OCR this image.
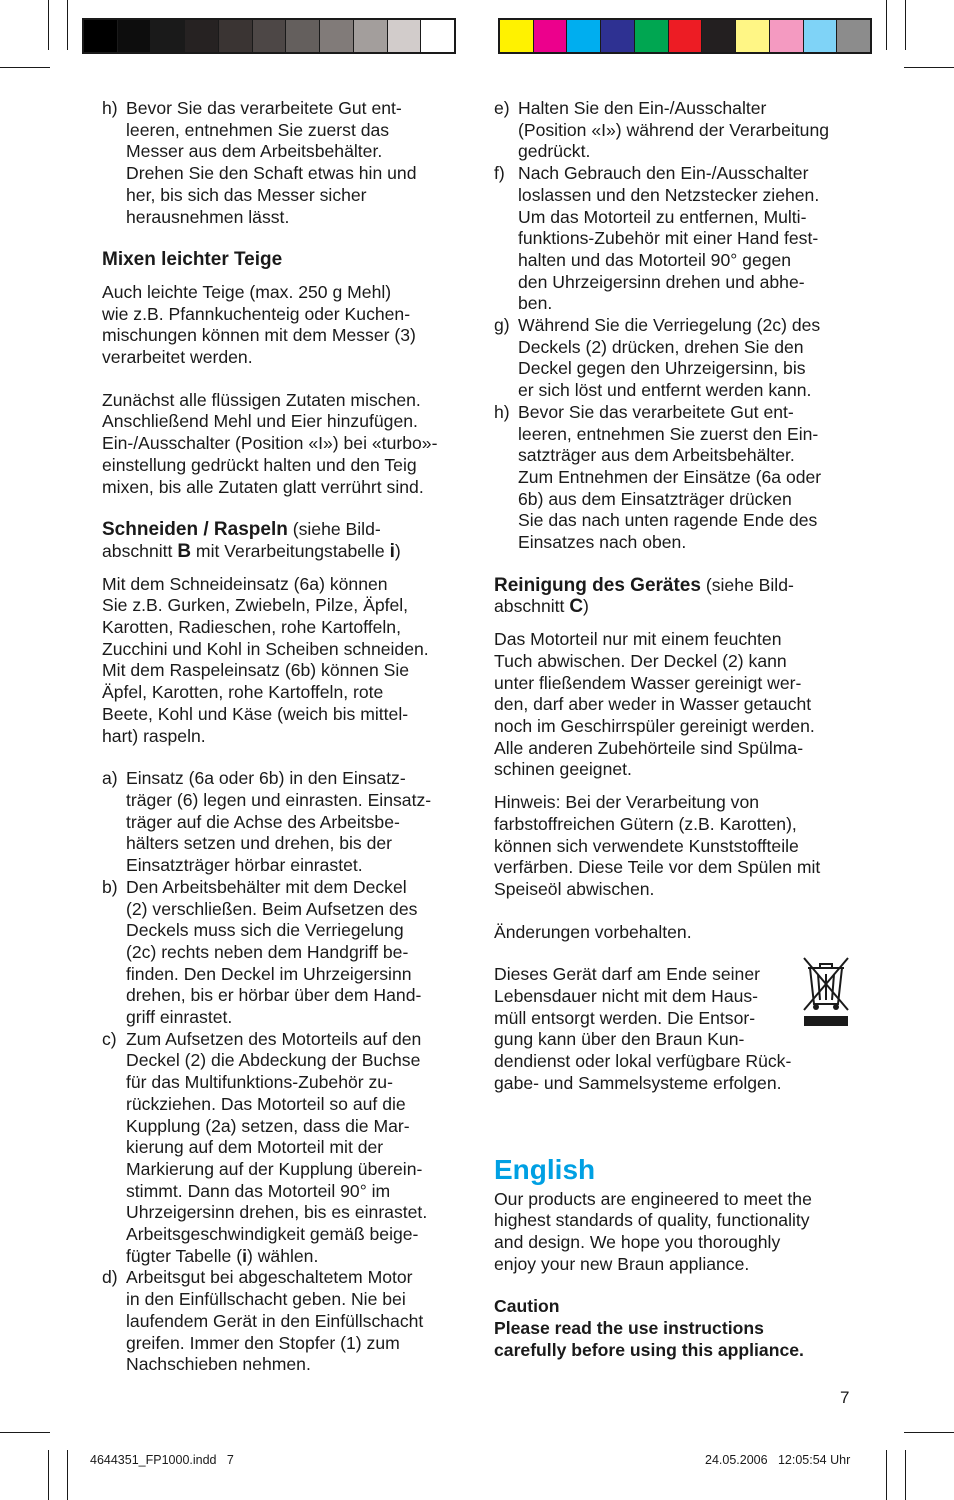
h) Bevor Sie das verarbeitete Gut ent-
leeren, entnehmen Sie zuerst das
Messer aus dem Arbeitsbehälter.
Drehen Sie den Schaft etwas hin und
her, bis sich das Messer sicher
herausnehmen lässt.

Mixen leichter Teige

Auch leichte Teige (max. 250 g Mehl)
wie z.B. Pfannkuchenteig oder Kuchen-
mischungen können mit dem Messer (3)
verarbeitet werden.

Zunächst alle flüssigen Zutaten mischen.
Anschließend Mehl und Eier hinzufügen.
Ein-/Ausschalter (Position «I») bei «turbo»-
einstellung gedrückt halten und den Teig
mixen, bis alle Zutaten glatt verrührt sind.

Schneiden / Raspeln (siehe Bild-
abschnitt B mit Verarbeitungstabelle i)

Mit dem Schneideinsatz (6a) können
Sie z.B. Gurken, Zwiebeln, Pilze, Äpfel,
Karotten, Radieschen, rohe Kartoffeln,
Zucchini und Kohl in Scheiben schneiden.
Mit dem Raspeleinsatz (6b) können Sie
Äpfel, Karotten, rohe Kartoffeln, rote
Beete, Kohl und Käse (weich bis mittel-
hart) raspeln.

a) Einsatz (6a oder 6b) in den Einsatz-
träger (6) legen und einrasten. Einsatz-
träger auf die Achse des Arbeitsbe-
hälters setzen und drehen, bis der
Einsatzträger hörbar einrastet.
b) Den Arbeitsbehälter mit dem Deckel
(2) verschließen. Beim Aufsetzen des
Deckels muss sich die Verriegelung
(2c) rechts neben dem Handgriff be-
finden. Den Deckel im Uhrzeigersinn
drehen, bis er hörbar über dem Hand-
griff einrastet.
c) Zum Aufsetzen des Motorteils auf den
Deckel (2) die Abdeckung der Buchse
für das Multifunktions-Zubehör zu-
rückziehen. Das Motorteil so auf die
Kupplung (2a) setzen, dass die Mar-
kierung auf dem Motorteil mit der
Markierung auf der Kupplung überein-
stimmt. Dann das Motorteil 90° im
Uhrzeigersinn drehen, bis es einrastet.
Arbeitsgeschwindigkeit gemäß beige-
fügter Tabelle (i) wählen.
d) Arbeitsgut bei abgeschaltetem Motor
in den Einfüllschacht geben. Nie bei
laufendem Gerät in den Einfüllschacht
greifen. Immer den Stopfer (1) zum
Nachschieben nehmen.
e) Halten Sie den Ein-/Ausschalter
(Position «I») während der Verarbeitung
gedrückt.
f) Nach Gebrauch den Ein-/Ausschalter
loslassen und den Netzstecker ziehen.
Um das Motorteil zu entfernen, Multi-
funktions-Zubehör mit einer Hand fest-
halten und das Motorteil 90° gegen
den Uhrzeigersinn drehen und abhe-
ben.
g) Während Sie die Verriegelung (2c) des
Deckels (2) drücken, drehen Sie den
Deckel gegen den Uhrzeigersinn, bis
er sich löst und entfernt werden kann.
h) Bevor Sie das verarbeitete Gut ent-
leeren, entnehmen Sie zuerst den Ein-
satzträger aus dem Arbeitsbehälter.
Zum Entnehmen der Einsätze (6a oder
6b) aus dem Einsatzträger drücken
Sie das nach unten ragende Ende des
Einsatzes nach oben.

Reinigung des Gerätes (siehe Bild-
abschnitt C)

Das Motorteil nur mit einem feuchten
Tuch abwischen. Der Deckel (2) kann
unter fließendem Wasser gereinigt wer-
den, darf aber weder in Wasser getaucht
noch im Geschirrspüler gereinigt werden.
Alle anderen Zubehörteile sind Spülma-
schinen geeignet.

Hinweis: Bei der Verarbeitung von
farbstoffreichen Gütern (z.B. Karotten),
können sich verwendete Kunststoffteile
verfärben. Diese Teile vor dem Spülen mit
Speiseöl abwischen.

Änderungen vorbehalten.

Dieses Gerät darf am Ende seiner
Lebensdauer nicht mit dem Haus-
müll entsorgt werden. Die Entsor-
gung kann über den Braun Kun-
dendienst oder lokal verfügbare Rück-
gabe- und Sammelsysteme erfolgen.

English

Our products are engineered to meet the
highest standards of quality, functionality
and design. We hope you thoroughly
enjoy your new Braun appliance.

Caution

Please read the use instructions
carefully before using this appliance.

7
4644351_FP1000.indd   7	24.05.2006   12:05:54 Uhr
